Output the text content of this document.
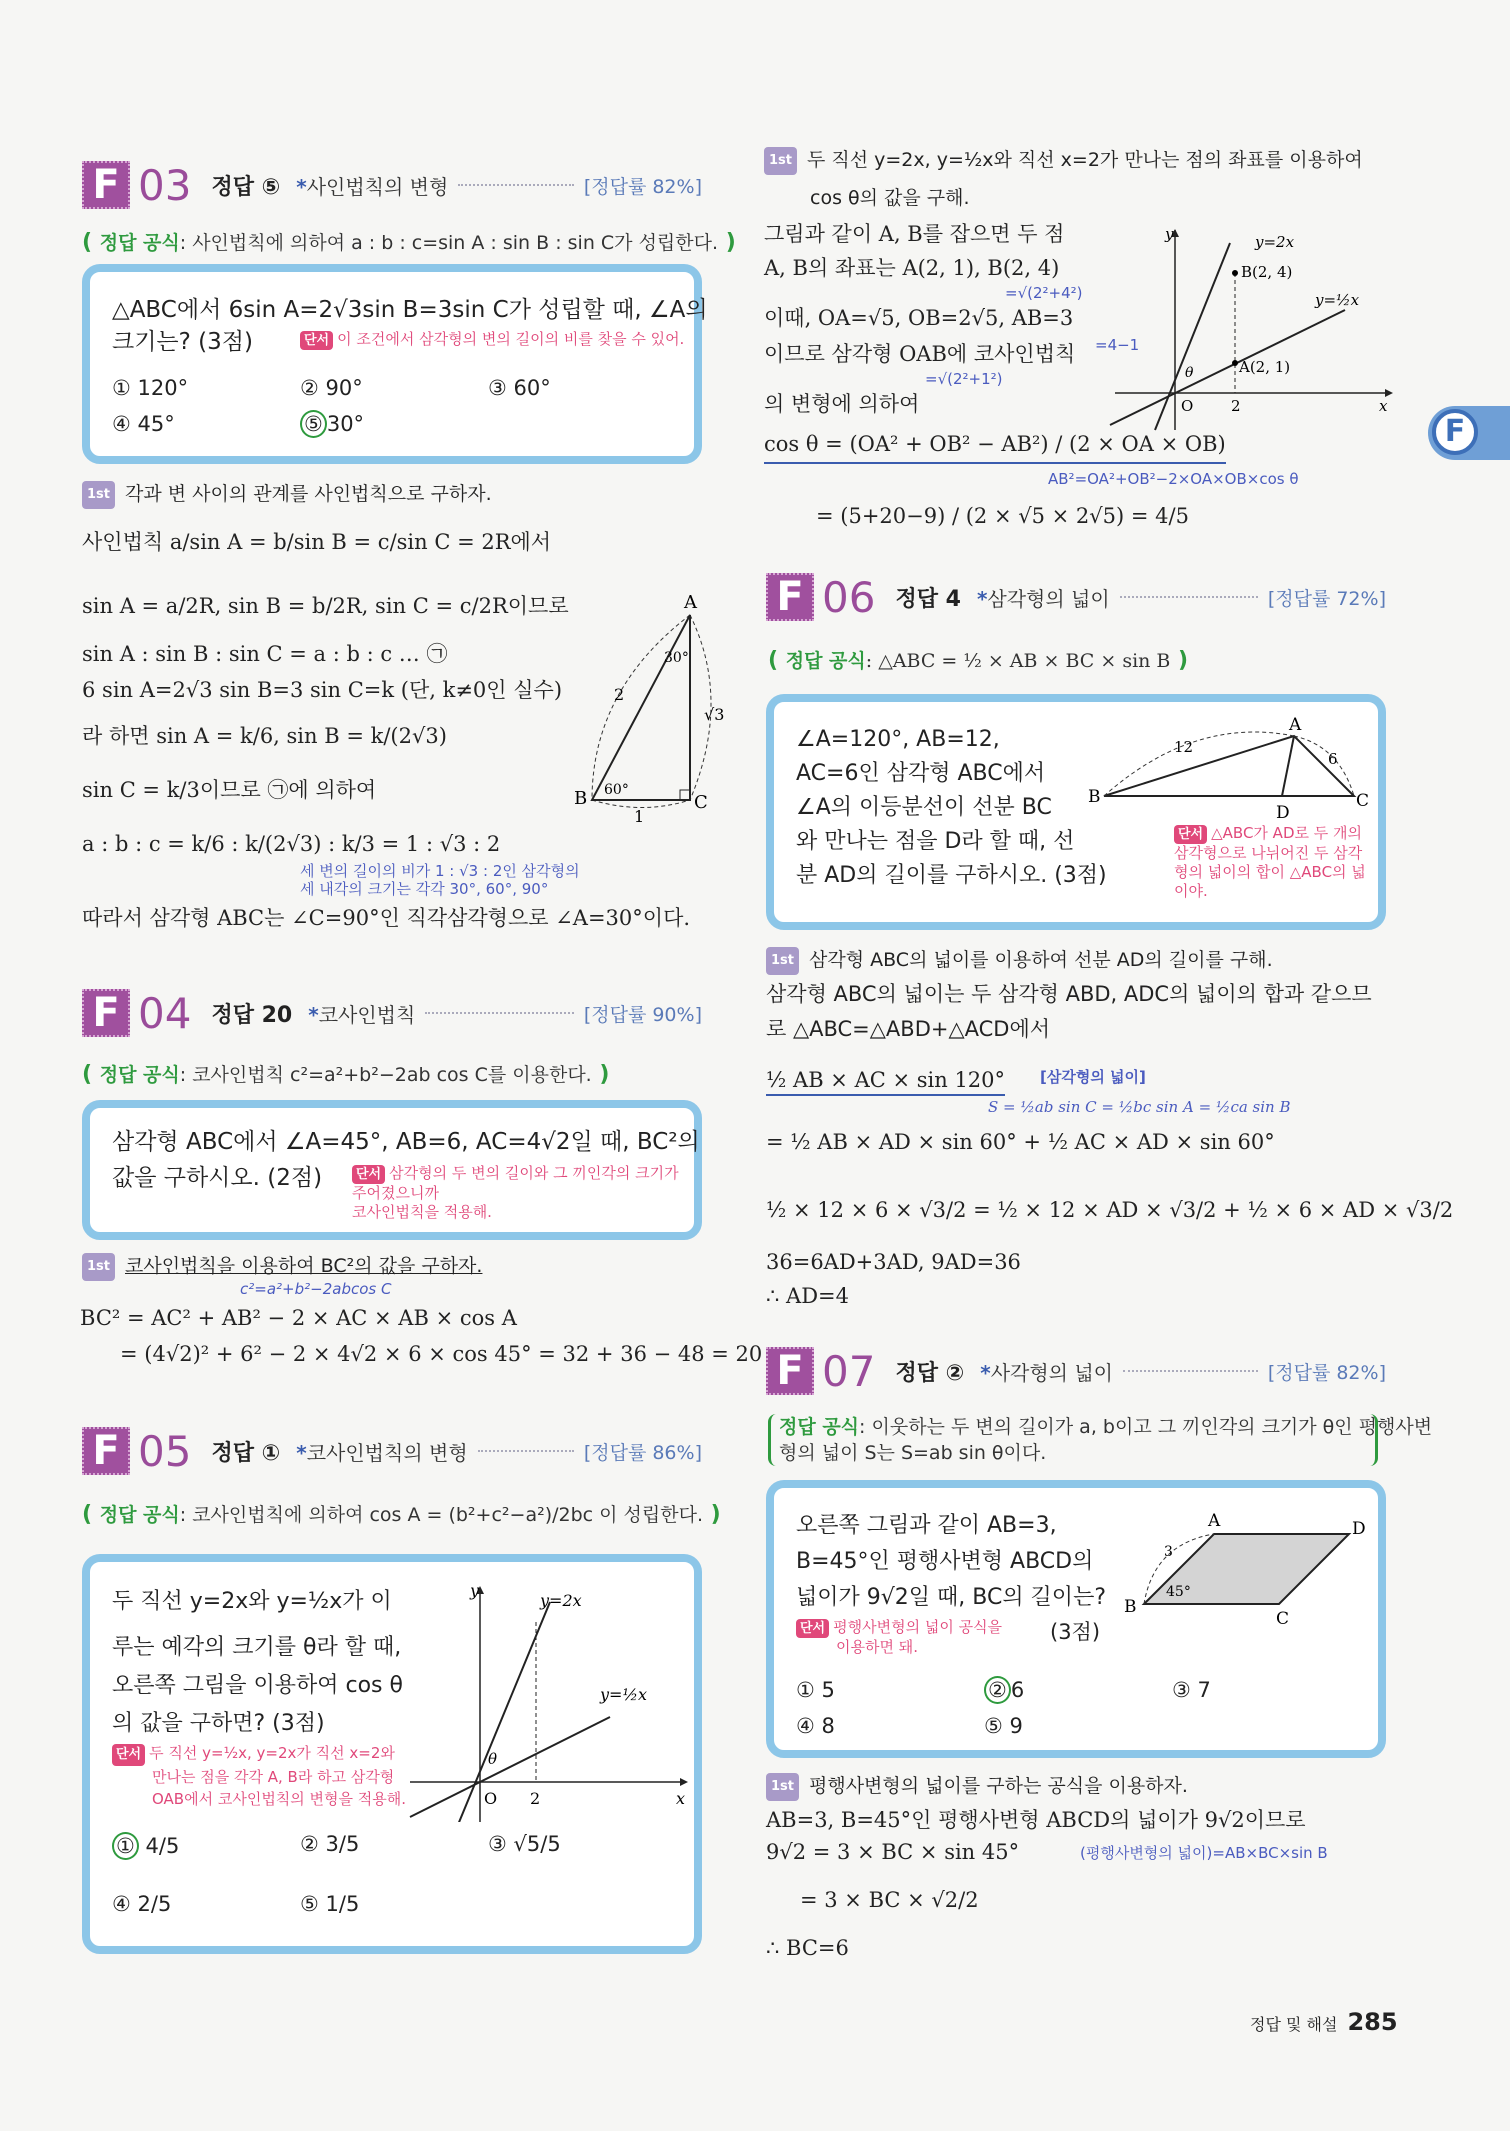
F
F 03 정답 ⑤ *사인법칙의 변형	[정답률 82%]
( 정답 공식: 사인법칙에 의하여 a : b : c=sin A : sin B : sin C가 성립한다. )
△ABC에서 6sin A=2√3sin B=3sin C가 성립할 때, ∠A의
크기는? (3점)	단서 이 조건에서 삼각형의 변의 길이의 비를 찾을 수 있어.
① 120°	② 90°	③ 60°
④ 45°	⑤ 30°
1st 각과 변 사이의 관계를 사인법칙으로 구하자.
사인법칙 a/sin A = b/sin B = c/sin C = 2R에서
sin A = a/2R, sin B = b/2R, sin C = c/2R이므로
sin A : sin B : sin C = a : b : c … ㉠
6 sin A=2√3 sin B=3 sin C=k (단, k≠0인 실수)
라 하면 sin A = k/6, sin B = k/(2√3)
sin C = k/3이므로 ㉠에 의하여
a : b : c = k/6 : k/(2√3) : k/3 = 1 : √3 : 2
세 변의 길이의 비가 1 : √3 : 2인 삼각형의
세 내각의 크기는 각각 30°, 60°, 90°
따라서 삼각형 ABC는 ∠C=90°인 직각삼각형으로 ∠A=30°이다.
A
B	C
2
√3
1
30°
60°
F 04 정답 20 *코사인법칙	[정답률 90%]
( 정답 공식: 코사인법칙 c²=a²+b²−2ab cos C를 이용한다. )
삼각형 ABC에서 ∠A=45°, AB=6, AC=4√2일 때, BC²의
값을 구하시오. (2점)	단서 삼각형의 두 변의 길이와 그 끼인각의 크기가 주어졌으니까
코사인법칙을 적용해.
1st 코사인법칙을 이용하여 BC²의 값을 구하자.
c²=a²+b²−2abcos C
BC² = AC² + AB² − 2 × AC × AB × cos A
= (4√2)² + 6² − 2 × 4√2 × 6 × cos 45° = 32 + 36 − 48 = 20
F 05 정답 ① *코사인법칙의 변형	[정답률 86%]
( 정답 공식: 코사인법칙에 의하여 cos A = (b²+c²−a²)/2bc 이 성립한다. )
두 직선 y=2x와 y=½x가 이
루는 예각의 크기를 θ라 할 때,
오른쪽 그림을 이용하여 cos θ
의 값을 구하면? (3점)
단서 두 직선 y=½x, y=2x가 직선 x=2와
만나는 점을 각각 A, B라 하고 삼각형
OAB에서 코사인법칙의 변형을 적용해.
① 4/5	② 3/5	③ √5/5
④ 2/5	⑤ 1/5
y
x
O 2
y=2x
y=½x
θ
1st 두 직선 y=2x, y=½x와 직선 x=2가 만나는 점의 좌표를 이용하여
cos θ의 값을 구해.
그림과 같이 A, B를 잡으면 두 점
A, B의 좌표는 A(2, 1), B(2, 4)
=√(2²+4²)
이때, OA=√5, OB=2√5, AB=3
=4−1
이므로 삼각형 OAB에 코사인법칙
=√(2²+1²)
의 변형에 의하여
cos θ = (OA² + OB² − AB²) / (2 × OA × OB)
AB²=OA²+OB²−2×OA×OB×cos θ
= (5+20−9) / (2 × √5 × 2√5) = 4/5
y
x
O	2
y=2x
y=½x
B(2, 4)
A(2, 1)
θ
F 06 정답 4 *삼각형의 넓이	[정답률 72%]
( 정답 공식: △ABC = ½ × AB × BC × sin B )
∠A=120°, AB=12,
AC=6인 삼각형 ABC에서
∠A의 이등분선이 선분 BC
와 만나는 점을 D라 할 때, 선
분 AD의 길이를 구하시오. (3점)
단서 △ABC가 AD로 두 개의 삼각형으로 나뉘어진 두 삼각형의 넓이의 합이 △ABC의 넓이야.
A
B	C
D
12
6
1st 삼각형 ABC의 넓이를 이용하여 선분 AD의 길이를 구해.
삼각형 ABC의 넓이는 두 삼각형 ABD, ADC의 넓이의 합과 같으므
로 △ABC=△ABD+△ACD에서
½ AB × AC × sin 120° [삼각형의 넓이]
S = ½ab sin C = ½bc sin A = ½ca sin B
= ½ AB × AD × sin 60° + ½ AC × AD × sin 60°
½ × 12 × 6 × √3/2 = ½ × 12 × AD × √3/2 + ½ × 6 × AD × √3/2
36=6AD+3AD, 9AD=36
∴ AD=4
F 07 정답 ② *사각형의 넓이	[정답률 82%]
정답 공식: 이웃하는 두 변의 길이가 a, b이고 그 끼인각의 크기가 θ인 평행사변
형의 넓이 S는 S=ab sin θ이다.
오른쪽 그림과 같이 AB=3,
B=45°인 평행사변형 ABCD의
넓이가 9√2일 때, BC의 길이는?
단서 평행사변형의 넓이 공식을
이용하면 돼.
(3점)
① 5	② 6	③ 7
④ 8	⑤ 9
A
B
C
D
3
45°
1st 평행사변형의 넓이를 구하는 공식을 이용하자.
AB=3, B=45°인 평행사변형 ABCD의 넓이가 9√2이므로
9√2 = 3 × BC × sin 45°	(평행사변형의 넓이)=AB×BC×sin B
= 3 × BC × √2/2
∴ BC=6
정답 및 해설 285
